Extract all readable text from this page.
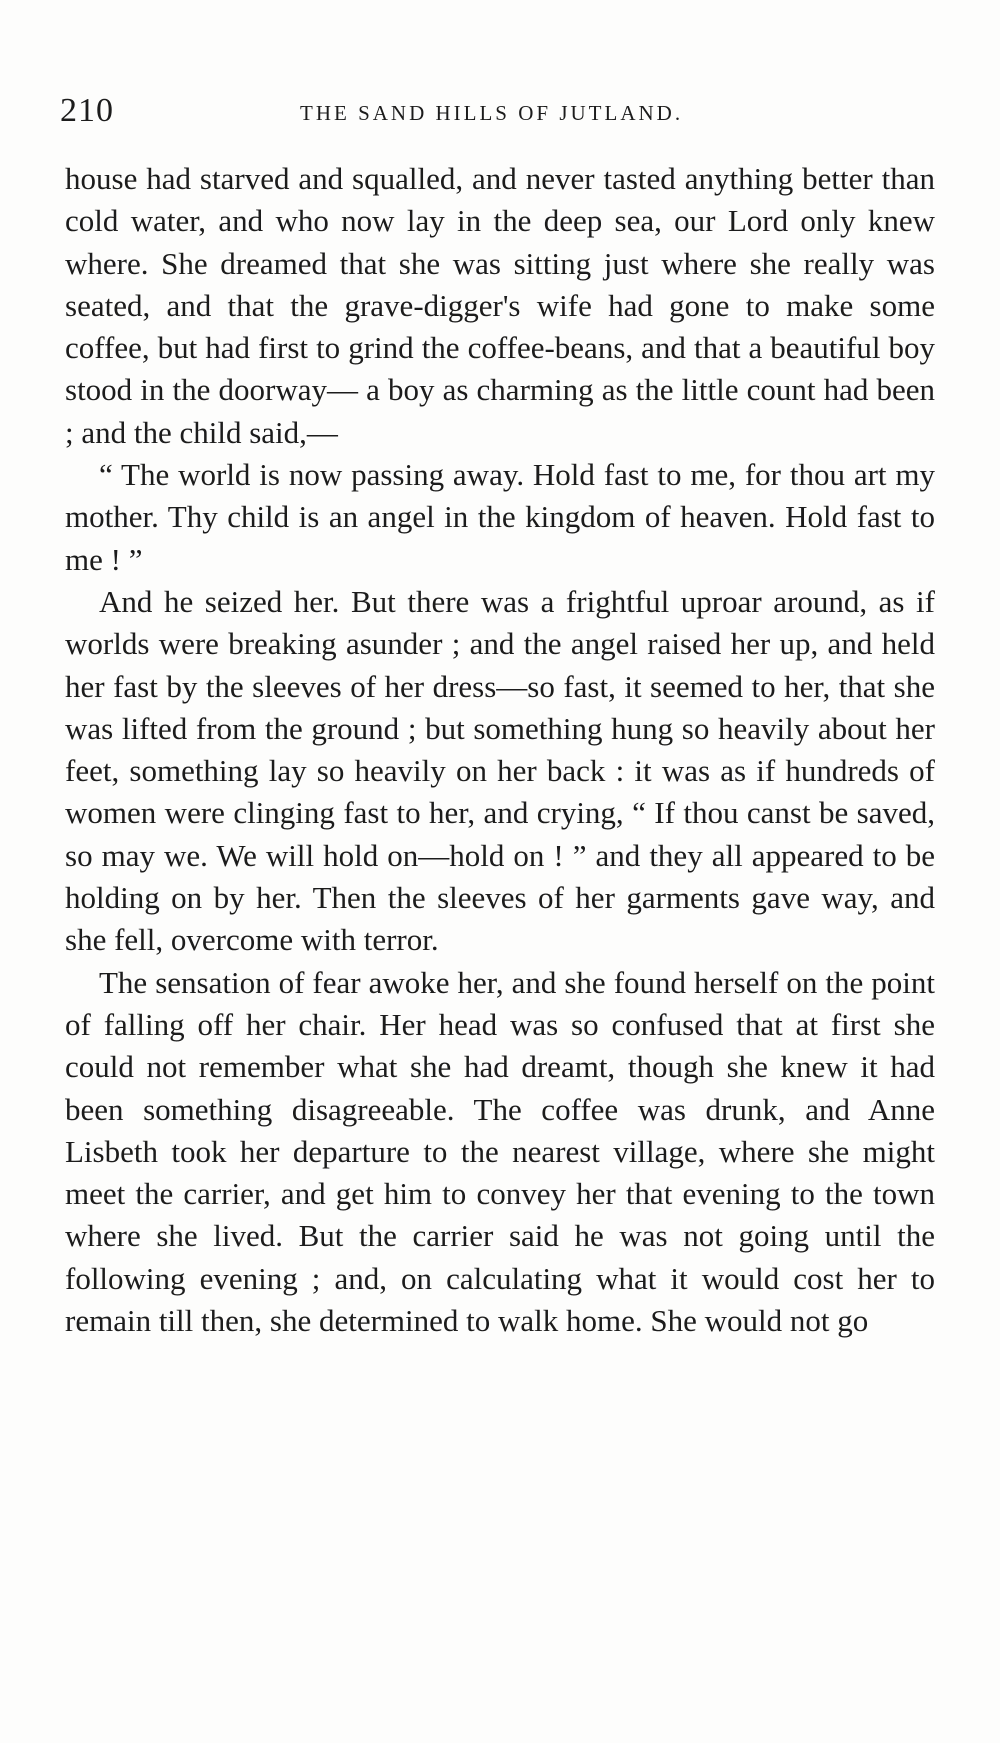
210	THE SAND HILLS OF JUTLAND.

house had starved and squalled, and never tasted anything better than cold water, and who now lay in the deep sea, our Lord only knew where. She dreamed that she was sitting just where she really was seated, and that the grave-digger's wife had gone to make some coffee, but had first to grind the coffee-beans, and that a beautiful boy stood in the doorway— a boy as charming as the little count had been ; and the child said,—

“ The world is now passing away. Hold fast to me, for thou art my mother. Thy child is an angel in the kingdom of heaven. Hold fast to me ! ”

And he seized her. But there was a frightful uproar around, as if worlds were breaking asunder ; and the angel raised her up, and held her fast by the sleeves of her dress—so fast, it seemed to her, that she was lifted from the ground ; but something hung so heavily about her feet, something lay so heavily on her back : it was as if hundreds of women were clinging fast to her, and crying, “ If thou canst be saved, so may we. We will hold on—hold on ! ” and they all appeared to be holding on by her. Then the sleeves of her garments gave way, and she fell, overcome with terror.

The sensation of fear awoke her, and she found herself on the point of falling off her chair. Her head was so confused that at first she could not remember what she had dreamt, though she knew it had been something disagreeable. The coffee was drunk, and Anne Lisbeth took her departure to the nearest village, where she might meet the carrier, and get him to convey her that evening to the town where she lived. But the carrier said he was not going until the following evening ; and, on calculating what it would cost her to remain till then, she determined to walk home. She would not go
